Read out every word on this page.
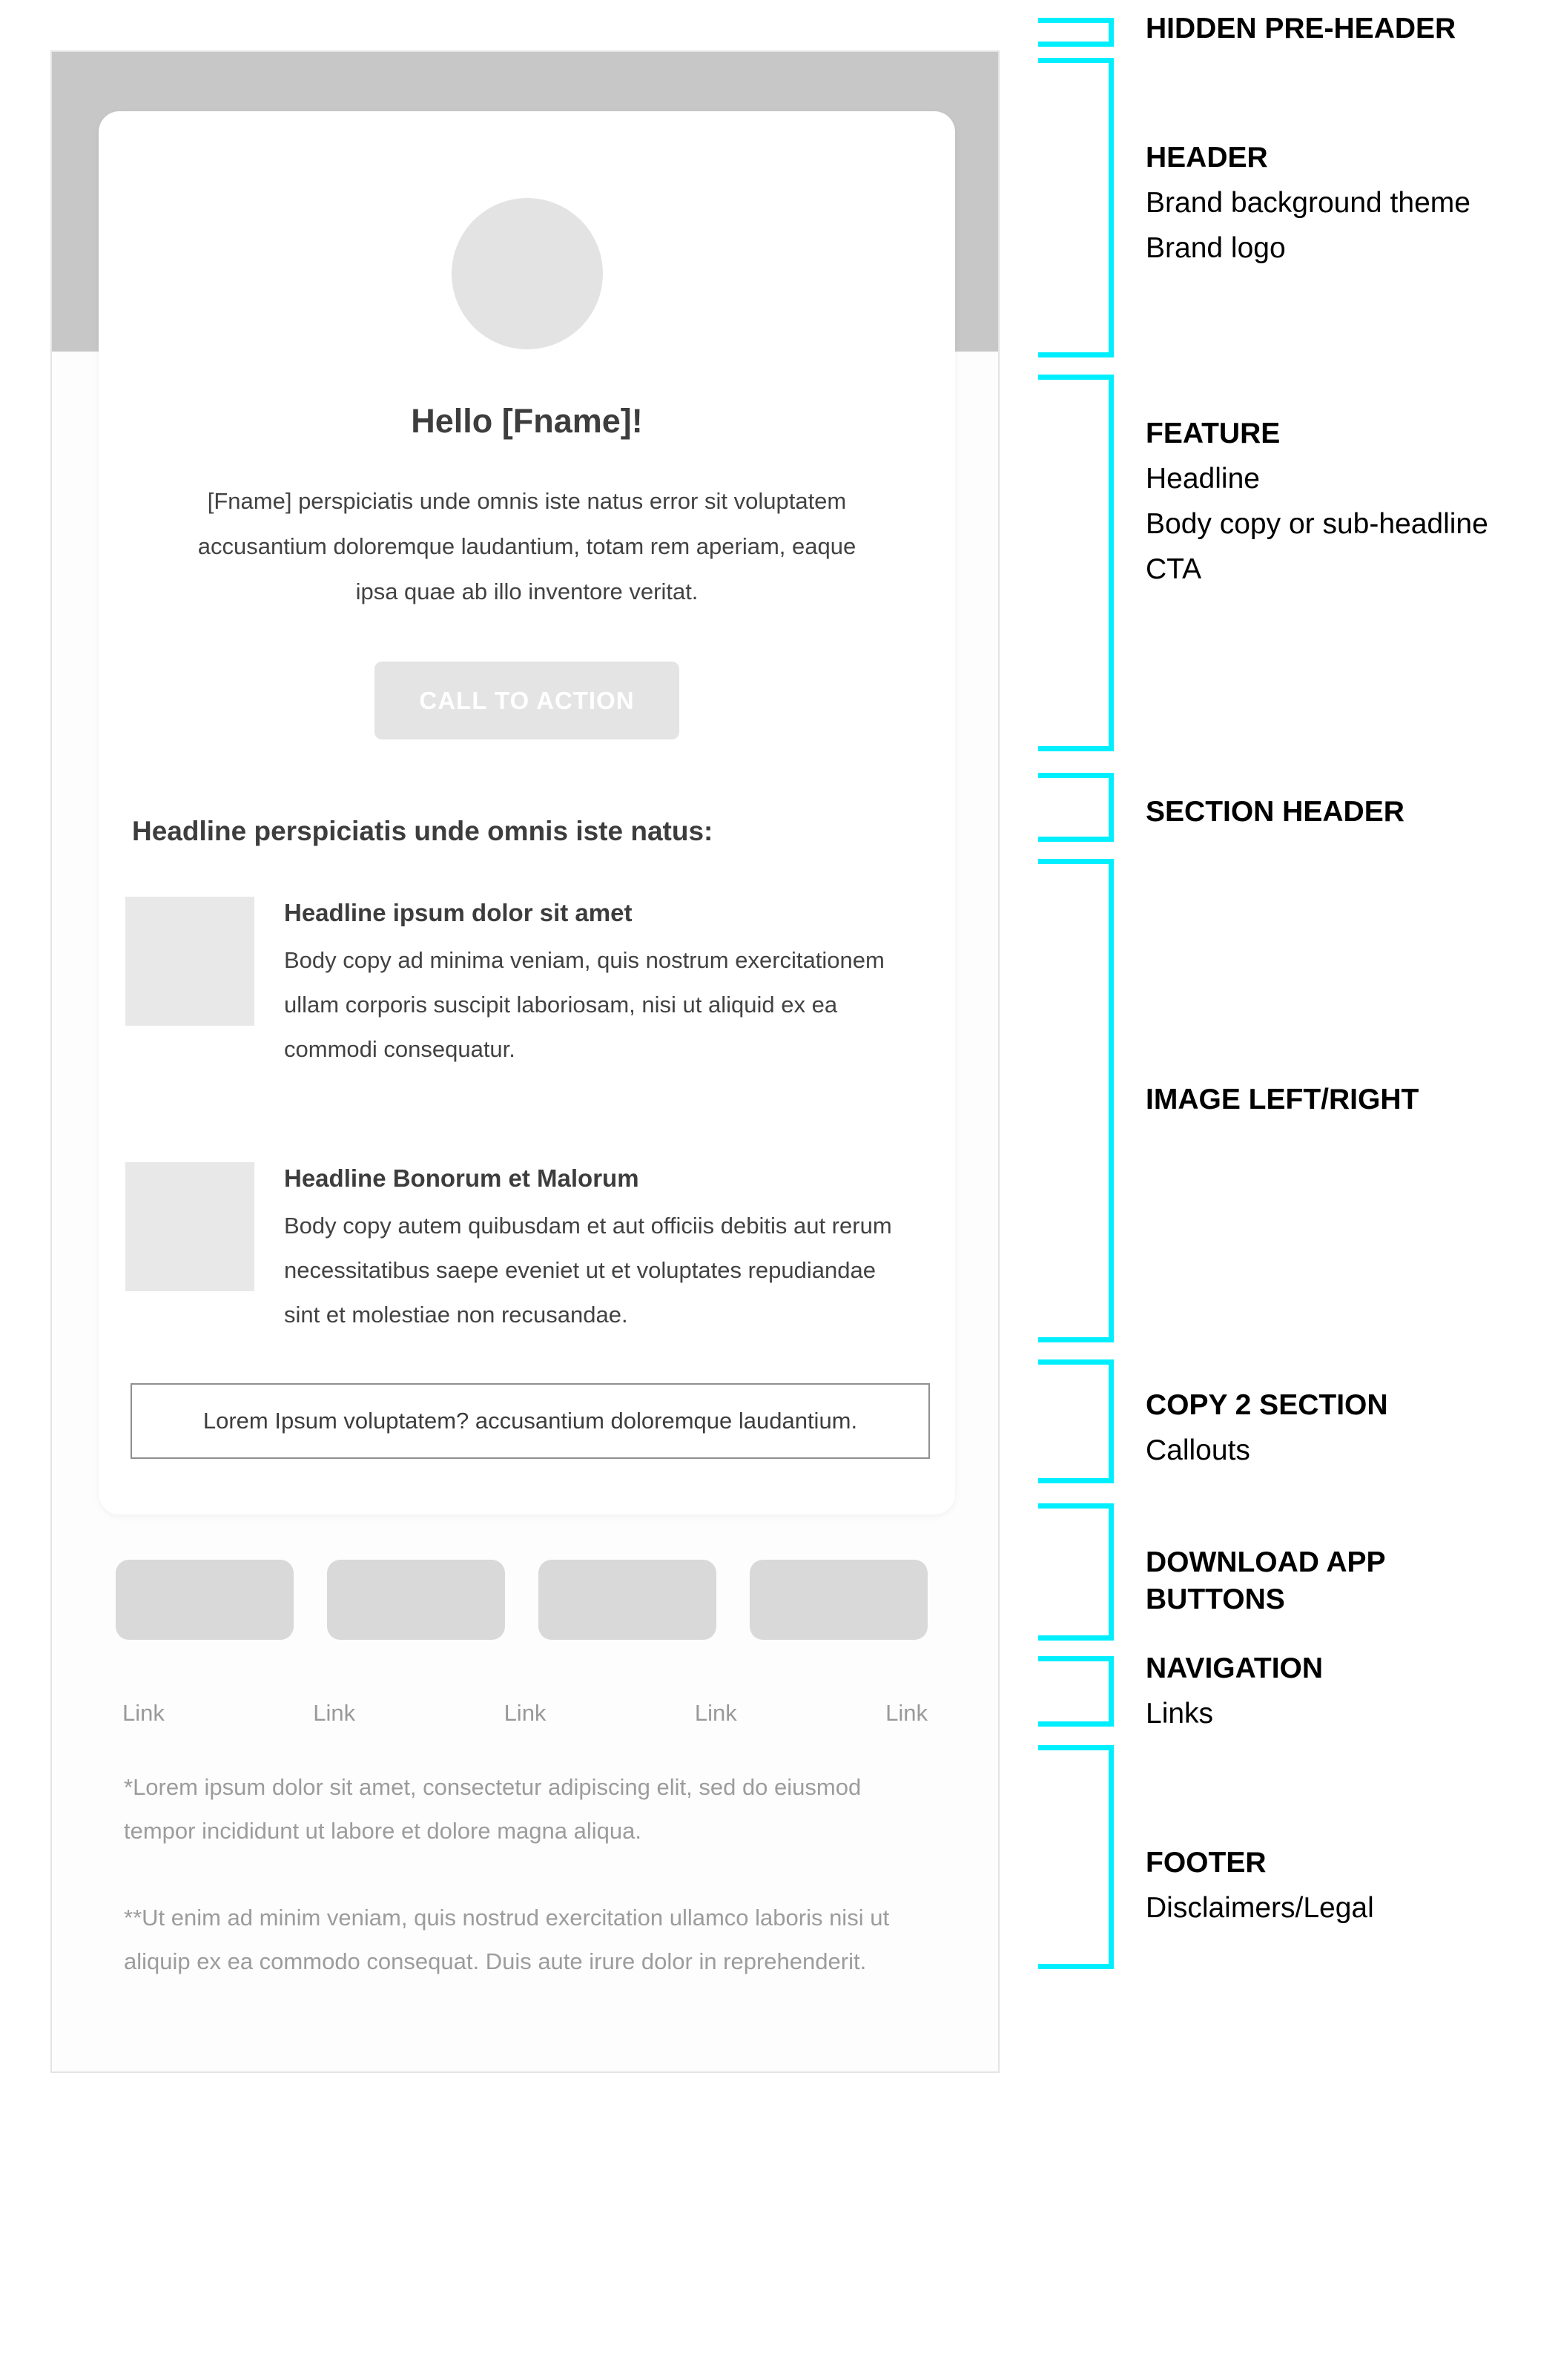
Hello [Fname]!

[Fname] perspiciatis unde omnis iste natus error sit voluptatem accusantium doloremque laudantium, totam rem aperiam, eaque ipsa quae ab illo inventore veritat.

CALL TO ACTION
Headline perspiciatis unde omnis iste natus:
Headline ipsum dolor sit amet

Body copy ad minima veniam, quis nostrum exercitationem ullam corporis suscipit laboriosam, nisi ut aliquid ex ea commodi consequatur.

Headline Bonorum et Malorum

Body copy autem quibusdam et aut officiis debitis aut rerum necessitatibus saepe eveniet ut et voluptates repudiandae sint et molestiae non recusandae.

Lorem Ipsum voluptatem? accusantium doloremque laudantium.
Link	Link	Link	Link	Link

*Lorem ipsum dolor sit amet, consectetur adipiscing elit, sed do eiusmod tempor incididunt ut labore et dolore magna aliqua.

**Ut enim ad minim veniam, quis nostrud exercitation ullamco laboris nisi ut aliquip ex ea commodo consequat. Duis aute irure dolor in reprehenderit.

HIDDEN PRE-HEADER
HEADER
Brand background theme
Brand logo
FEATURE
Headline
Body copy or sub-headline
CTA
SECTION HEADER
IMAGE LEFT/RIGHT
COPY 2 SECTION
Callouts
DOWNLOAD APP BUTTONS
NAVIGATION
Links
FOOTER
Disclaimers/Legal
